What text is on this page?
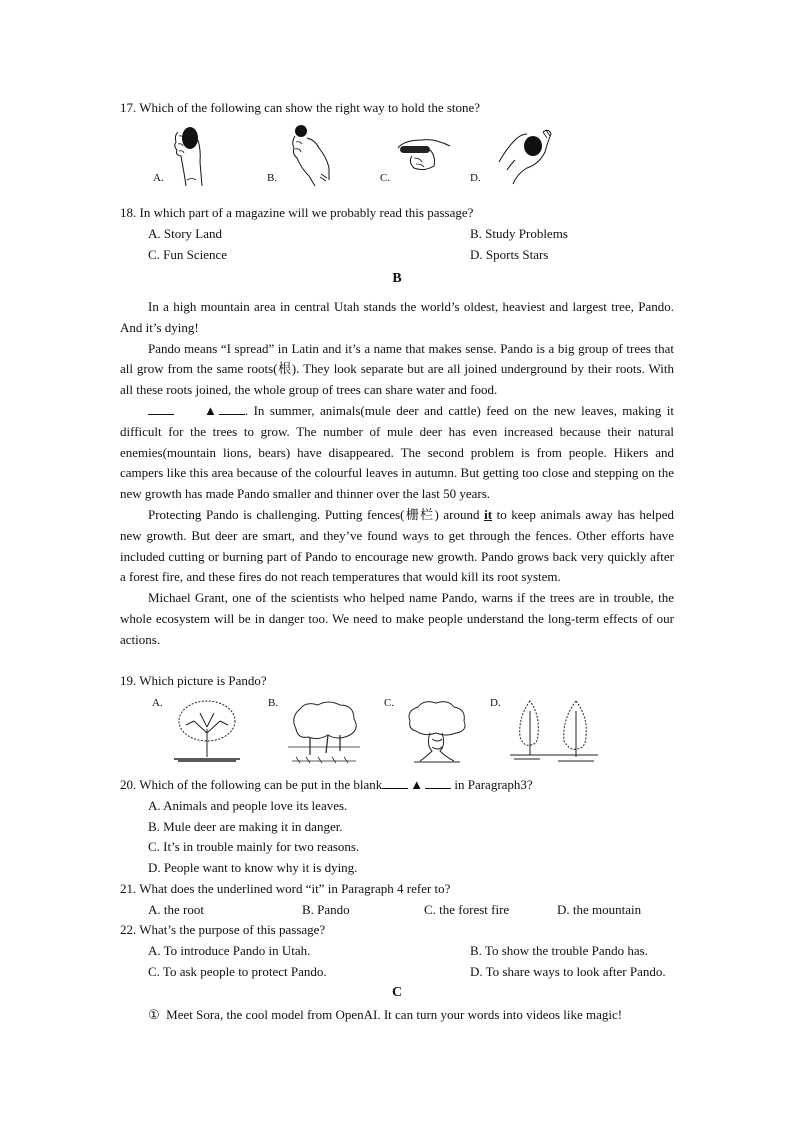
17. Which of the following can show the right way to hold the stone?
A.	B.	C.	D.
18. In which part of a magazine will we probably read this passage?
A. Story Land	B. Study Problems
C. Fun Science	D. Sports Stars
B

In a high mountain area in central Utah stands the world’s oldest, heaviest and largest tree, Pando. And it’s dying!

Pando means “I spread” in Latin and it’s a name that makes sense. Pando is a big group of trees that all grow from the same roots(根). They look separate but are all joined underground by their roots. With all these roots joined, the whole group of trees can share water and food.

▲ . In summer, animals(mule deer and cattle) feed on the new leaves, making it difficult for the trees to grow. The number of mule deer has even increased because their natural enemies(mountain lions, bears) have disappeared. The second problem is from people. Hikers and campers like this area because of the colourful leaves in autumn. But getting too close and stepping on the new growth has made Pando smaller and thinner over the last 50 years.

Protecting Pando is challenging. Putting fences(栅栏) around it to keep animals away has helped new growth. But deer are smart, and they’ve found ways to get through the fences. Other efforts have included cutting or burning part of Pando to encourage new growth. Pando grows back very quickly after a forest fire, and these fires do not reach temperatures that would kill its root system.

Michael Grant, one of the scientists who helped name Pando, warns if the trees are in trouble, the whole ecosystem will be in danger too. We need to make people understand the long-term effects of our actions.

19. Which picture is Pando?
A.	B.	C.	D.
20. Which of the following can be put in the blank ▲ in Paragraph3?
A. Animals and people love its leaves.
B. Mule deer are making it in danger.
C. It’s in trouble mainly for two reasons.
D. People want to know why it is dying.
21. What does the underlined word “it” in Paragraph 4 refer to?
A. the root	B. Pando	C. the forest fire	D. the mountain
22. What’s the purpose of this passage?
A. To introduce Pando in Utah.	B. To show the trouble Pando has.
C. To ask people to protect Pando.	D. To share ways to look after Pando.
C
① Meet Sora, the cool model from OpenAI. It can turn your words into videos like magic!
